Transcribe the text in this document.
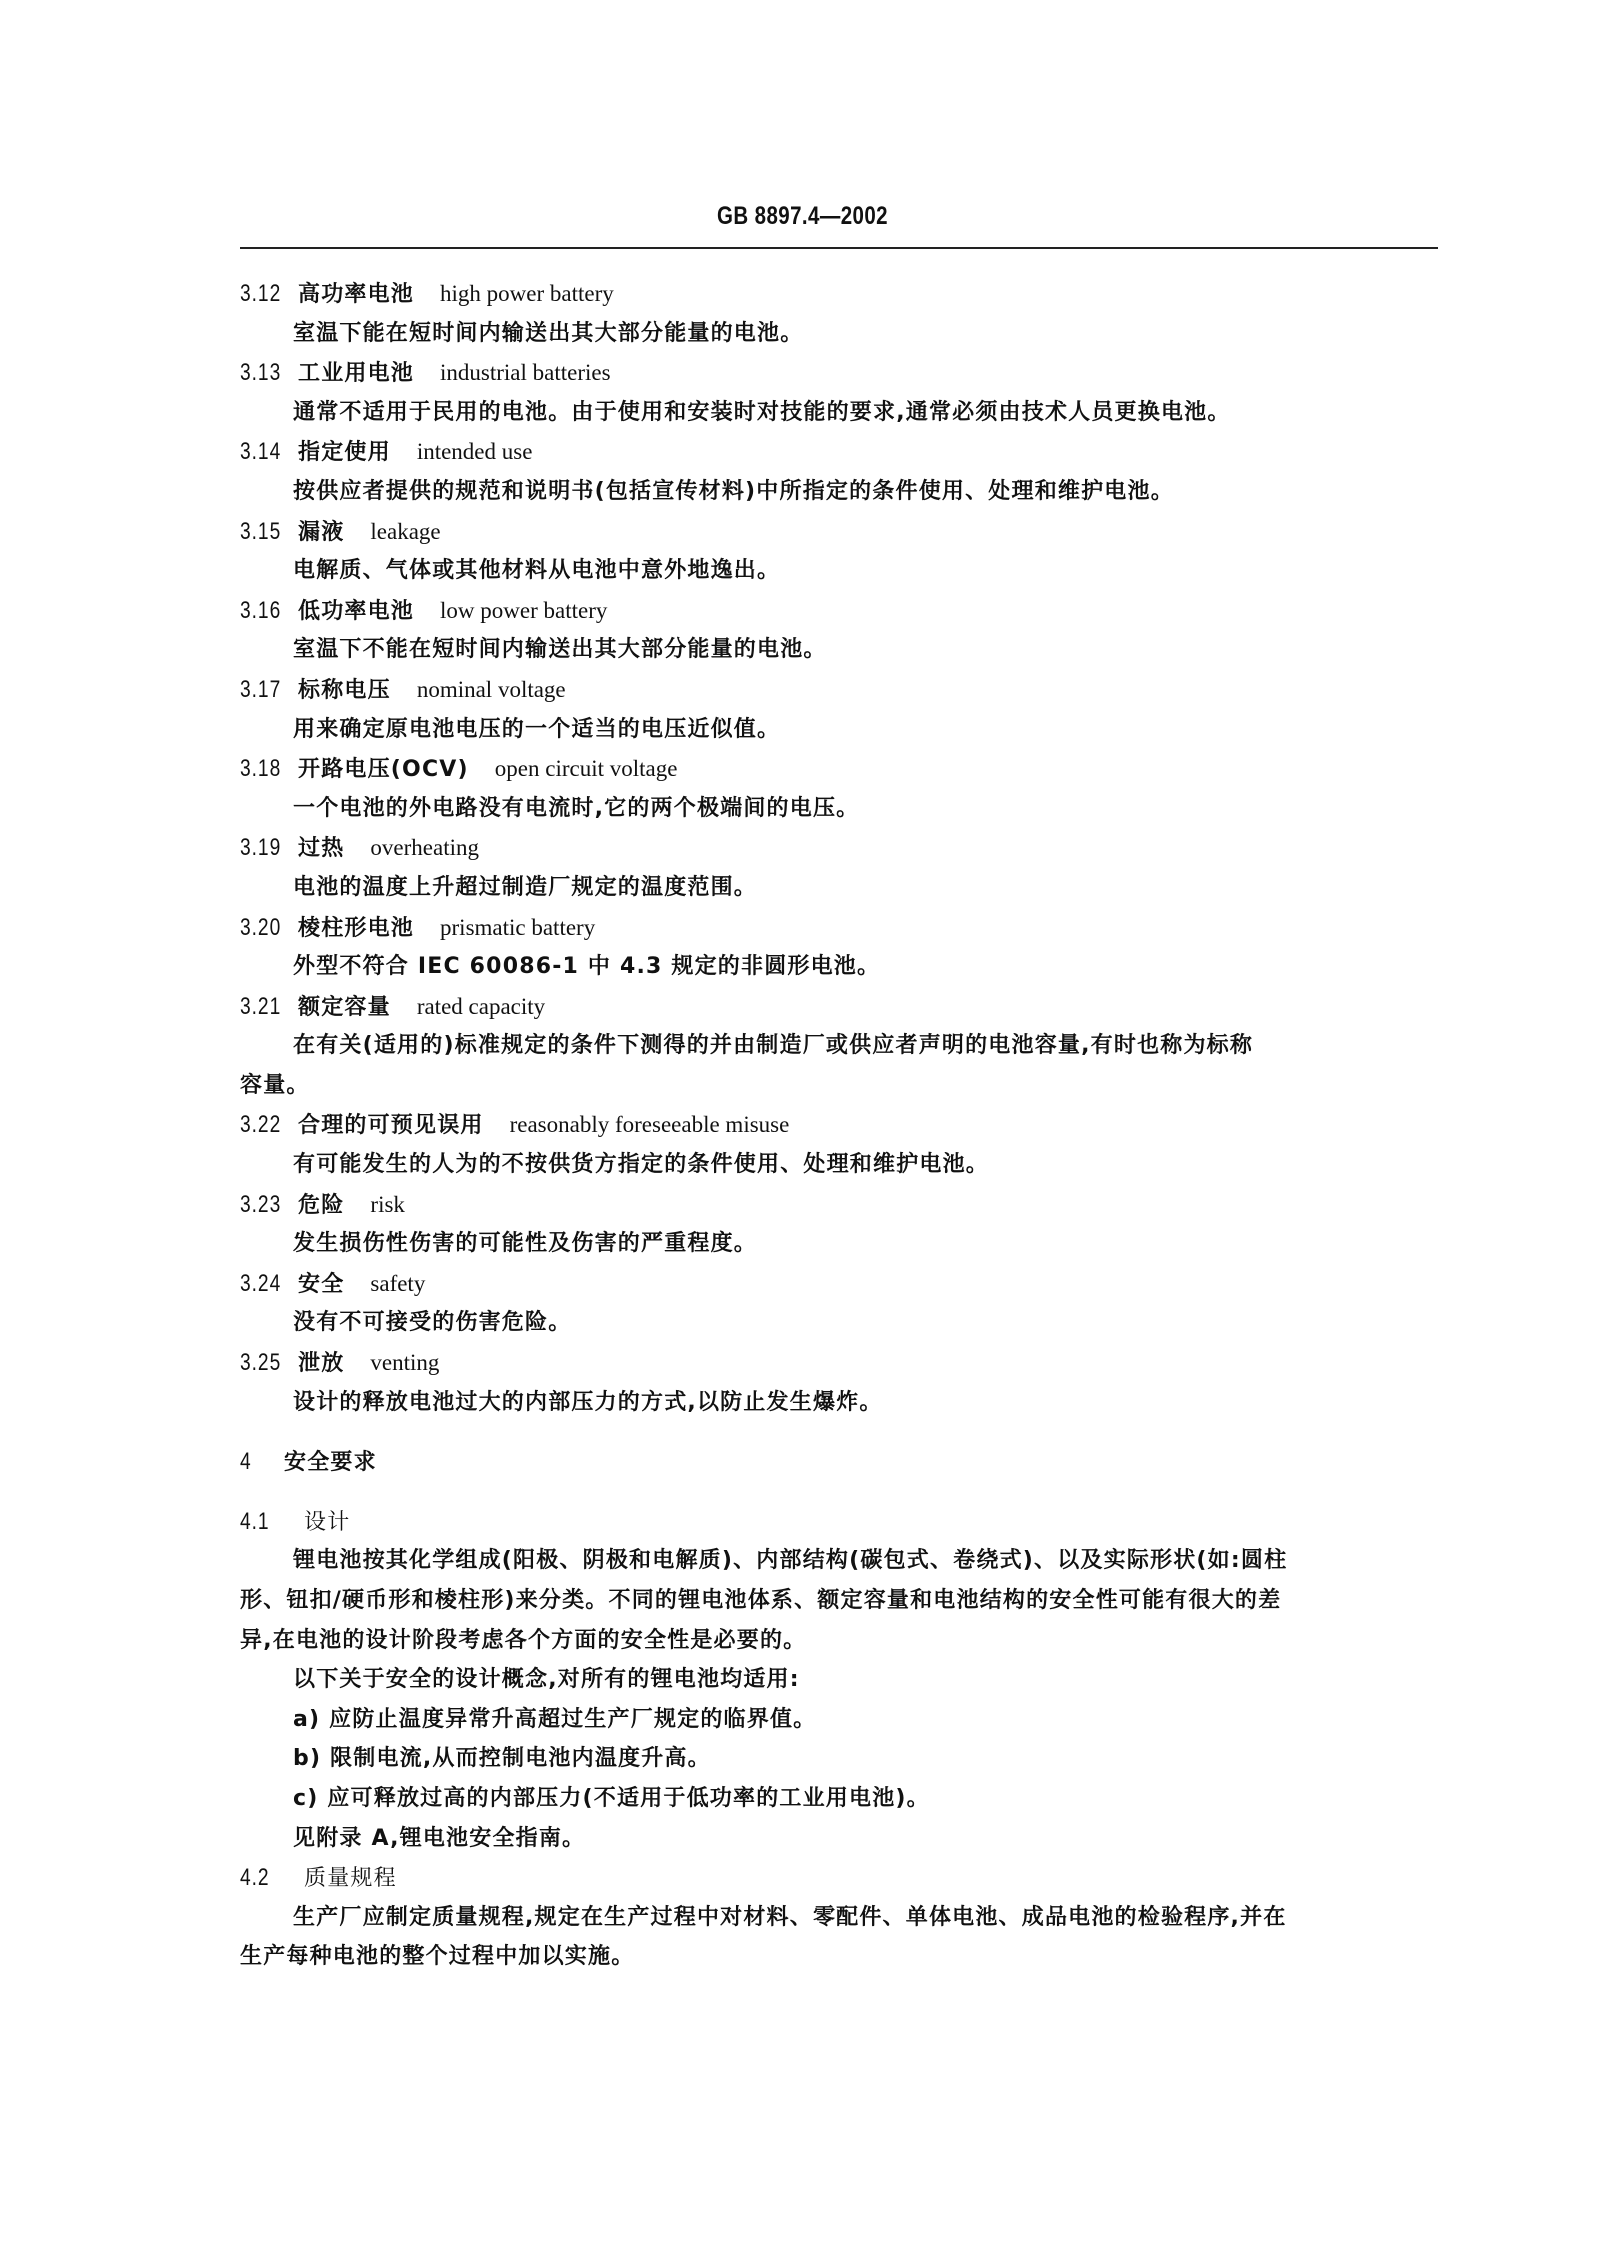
GB 8897.4—2002
3.12 高功率电池 high power battery
室温下能在短时间内输送出其大部分能量的电池。
3.13 工业用电池 industrial batteries
通常不适用于民用的电池。由于使用和安装时对技能的要求,通常必须由技术人员更换电池。
3.14 指定使用 intended use
按供应者提供的规范和说明书(包括宣传材料)中所指定的条件使用、处理和维护电池。
3.15 漏液 leakage
电解质、气体或其他材料从电池中意外地逸出。
3.16 低功率电池 low power battery
室温下不能在短时间内输送出其大部分能量的电池。
3.17 标称电压 nominal voltage
用来确定原电池电压的一个适当的电压近似值。
3.18 开路电压(OCV) open circuit voltage
一个电池的外电路没有电流时,它的两个极端间的电压。
3.19 过热 overheating
电池的温度上升超过制造厂规定的温度范围。
3.20 棱柱形电池 prismatic battery
外型不符合 IEC 60086-1 中 4.3 规定的非圆形电池。
3.21 额定容量 rated capacity
在有关(适用的)标准规定的条件下测得的并由制造厂或供应者声明的电池容量,有时也称为标称
容量。
3.22 合理的可预见误用 reasonably foreseeable misuse
有可能发生的人为的不按供货方指定的条件使用、处理和维护电池。
3.23 危险 risk
发生损伤性伤害的可能性及伤害的严重程度。
3.24 安全 safety
没有不可接受的伤害危险。
3.25 泄放 venting
设计的释放电池过大的内部压力的方式,以防止发生爆炸。
4 安全要求
4.1 设计
锂电池按其化学组成(阳极、阴极和电解质)、内部结构(碳包式、卷绕式)、以及实际形状(如:圆柱
形、钮扣/硬币形和棱柱形)来分类。不同的锂电池体系、额定容量和电池结构的安全性可能有很大的差
异,在电池的设计阶段考虑各个方面的安全性是必要的。
以下关于安全的设计概念,对所有的锂电池均适用:
a) 应防止温度异常升高超过生产厂规定的临界值。
b) 限制电流,从而控制电池内温度升高。
c) 应可释放过高的内部压力(不适用于低功率的工业用电池)。
见附录 A,锂电池安全指南。
4.2 质量规程
生产厂应制定质量规程,规定在生产过程中对材料、零配件、单体电池、成品电池的检验程序,并在
生产每种电池的整个过程中加以实施。
